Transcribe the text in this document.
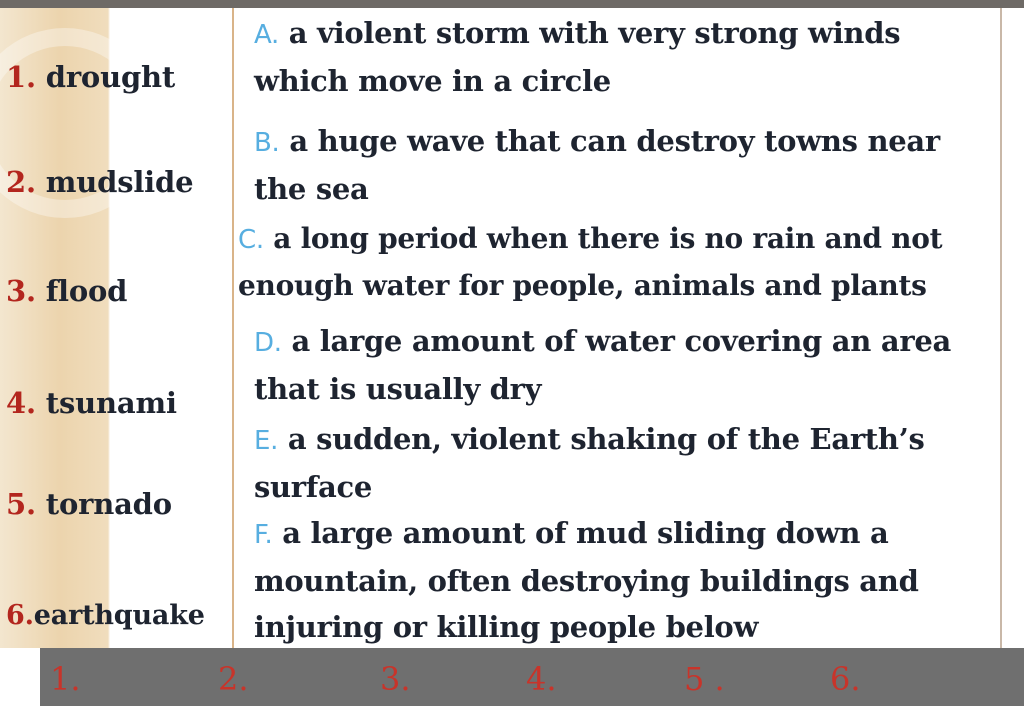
1. drought
2. mudslide
3. flood
4. tsunami
5. tornado
6.earthquake
A. a violent storm with very strong winds
which move in a circle
B. a huge wave that can destroy towns near
the sea
C. a long period when there is no rain and not
enough water for people, animals and plants
D. a large amount of water covering an area
that is usually dry
E. a sudden, violent shaking of the Earth’s
surface
F. a large amount of mud sliding down a
mountain, often destroying buildings and
injuring or killing people below
1.	2.	3.	4.	5 .	6.
